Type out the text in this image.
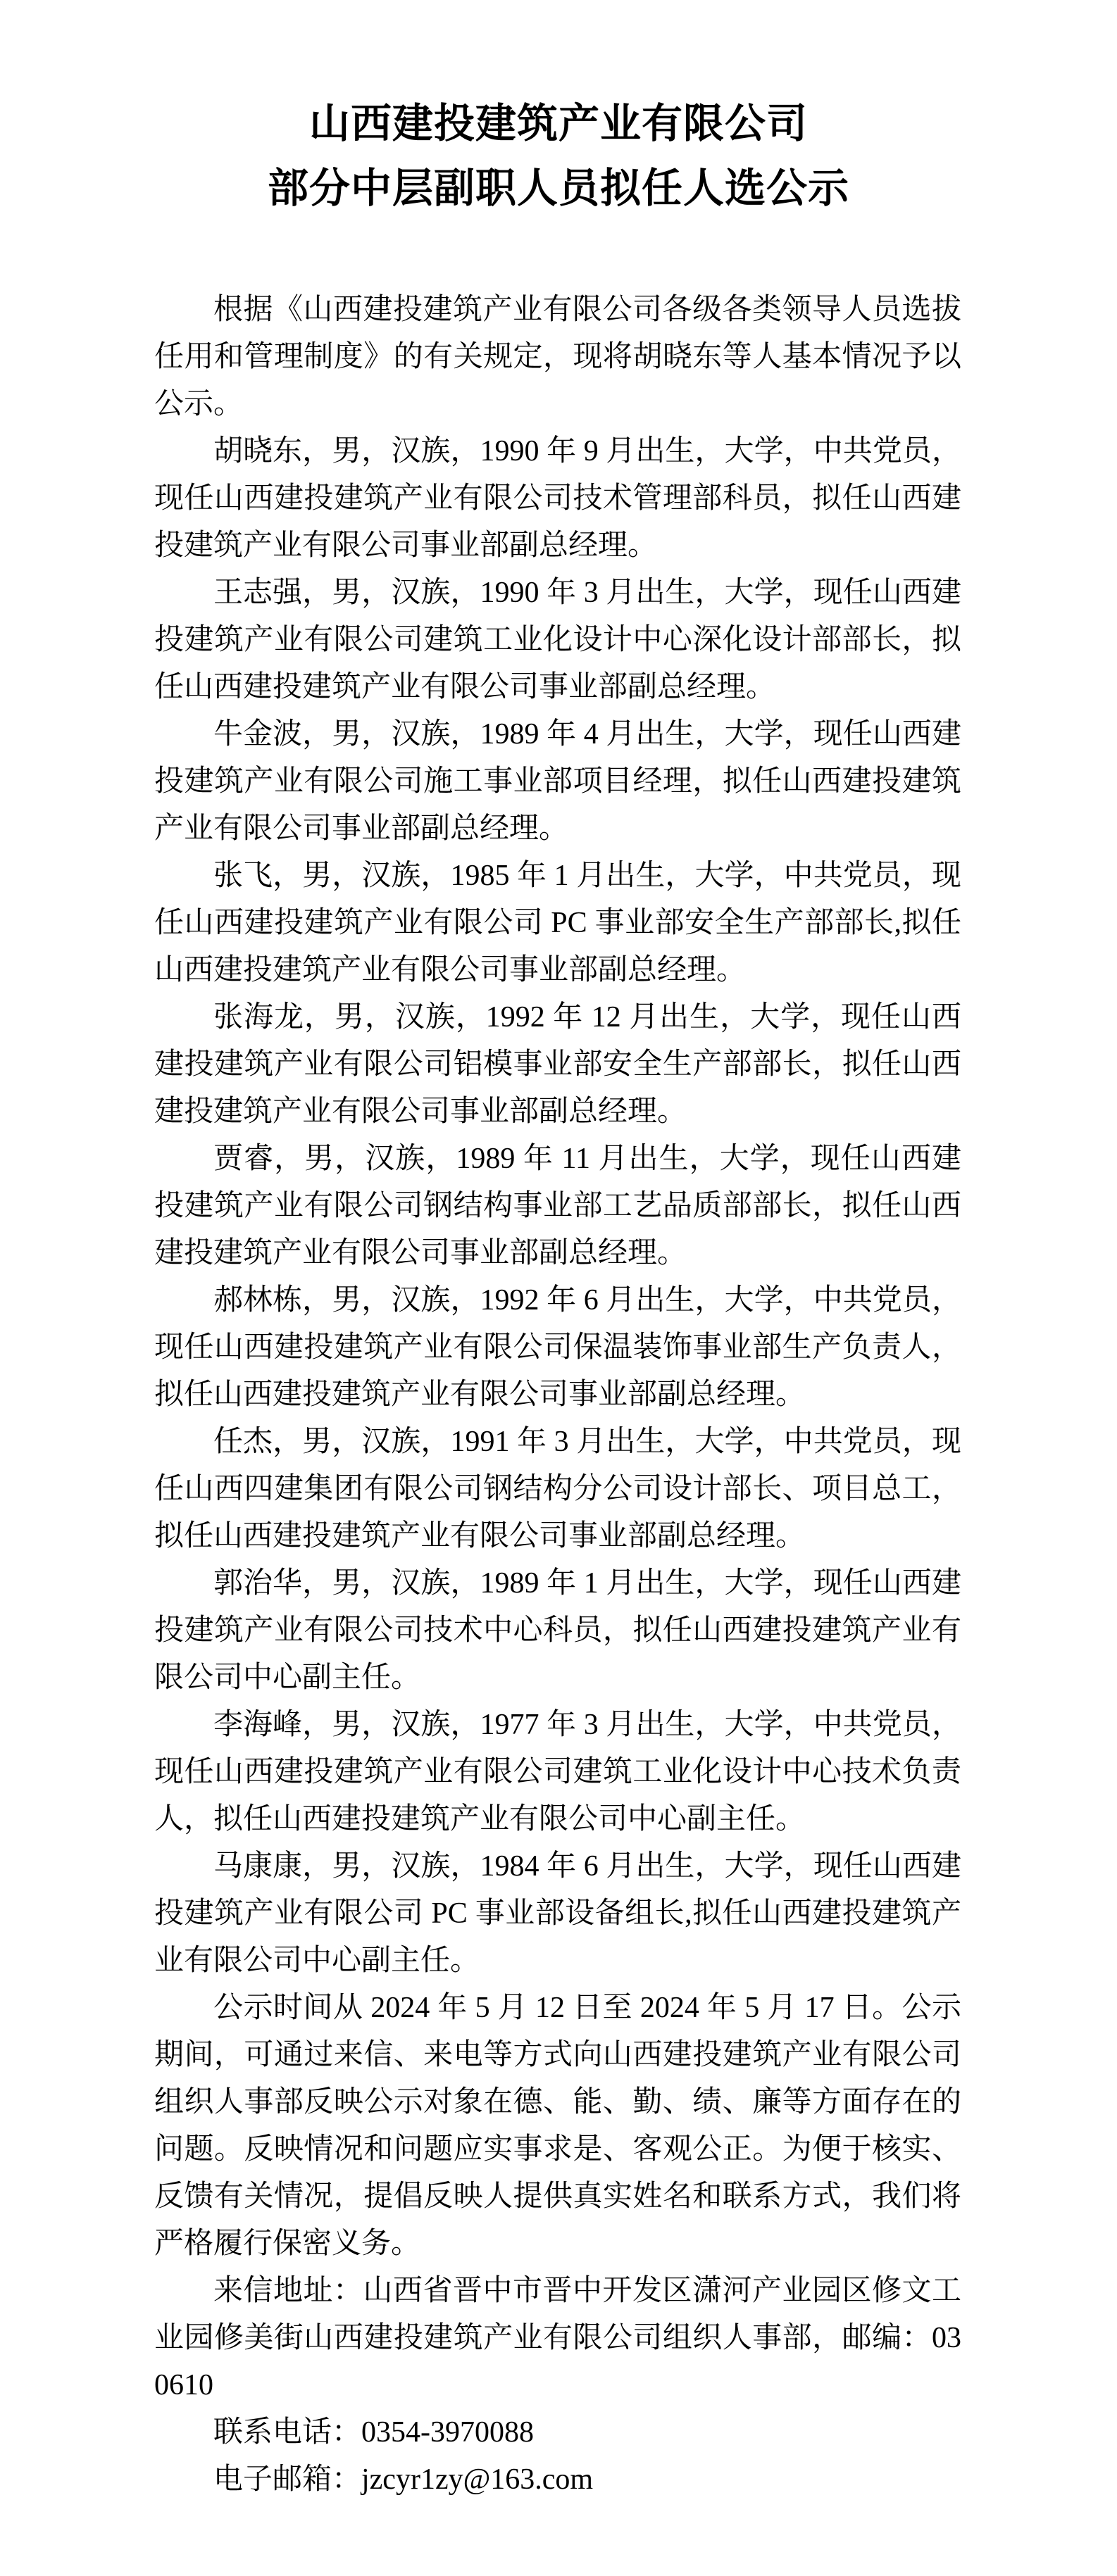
山西建投建筑产业有限公司
部分中层副职人员拟任人选公示

根据《山西建投建筑产业有限公司各级各类领导人员选拔任用和管理制度》的有关规定，现将胡晓东等人基本情况予以公示。

胡晓东，男，汉族，1990 年 9 月出生，大学，中共党员，现任山西建投建筑产业有限公司技术管理部科员，拟任山西建投建筑产业有限公司事业部副总经理。

王志强，男，汉族，1990 年 3 月出生，大学，现任山西建投建筑产业有限公司建筑工业化设计中心深化设计部部长，拟任山西建投建筑产业有限公司事业部副总经理。

牛金波，男，汉族，1989 年 4 月出生，大学，现任山西建投建筑产业有限公司施工事业部项目经理，拟任山西建投建筑产业有限公司事业部副总经理。

张飞，男，汉族，1985 年 1 月出生，大学，中共党员，现任山西建投建筑产业有限公司 PC 事业部安全生产部部长,拟任山西建投建筑产业有限公司事业部副总经理。

张海龙，男，汉族，1992 年 12 月出生，大学，现任山西建投建筑产业有限公司铝模事业部安全生产部部长，拟任山西建投建筑产业有限公司事业部副总经理。

贾睿，男，汉族，1989 年 11 月出生，大学，现任山西建投建筑产业有限公司钢结构事业部工艺品质部部长，拟任山西建投建筑产业有限公司事业部副总经理。

郝林栋，男，汉族，1992 年 6 月出生，大学，中共党员，现任山西建投建筑产业有限公司保温装饰事业部生产负责人，拟任山西建投建筑产业有限公司事业部副总经理。

任杰，男，汉族，1991 年 3 月出生，大学，中共党员，现任山西四建集团有限公司钢结构分公司设计部长、项目总工，拟任山西建投建筑产业有限公司事业部副总经理。

郭治华，男，汉族，1989 年 1 月出生，大学，现任山西建投建筑产业有限公司技术中心科员，拟任山西建投建筑产业有限公司中心副主任。

李海峰，男，汉族，1977 年 3 月出生，大学，中共党员，现任山西建投建筑产业有限公司建筑工业化设计中心技术负责人，拟任山西建投建筑产业有限公司中心副主任。

马康康，男，汉族，1984 年 6 月出生，大学，现任山西建投建筑产业有限公司 PC 事业部设备组长,拟任山西建投建筑产业有限公司中心副主任。

公示时间从 2024 年 5 月 12 日至 2024 年 5 月 17 日。公示期间，可通过来信、来电等方式向山西建投建筑产业有限公司组织人事部反映公示对象在德、能、勤、绩、廉等方面存在的问题。反映情况和问题应实事求是、客观公正。为便于核实、反馈有关情况，提倡反映人提供真实姓名和联系方式，我们将严格履行保密义务。

来信地址：山西省晋中市晋中开发区潇河产业园区修文工业园修美街山西建投建筑产业有限公司组织人事部，邮编：030610

联系电话：0354-3970088

电子邮箱：jzcyr1zy@163.com
